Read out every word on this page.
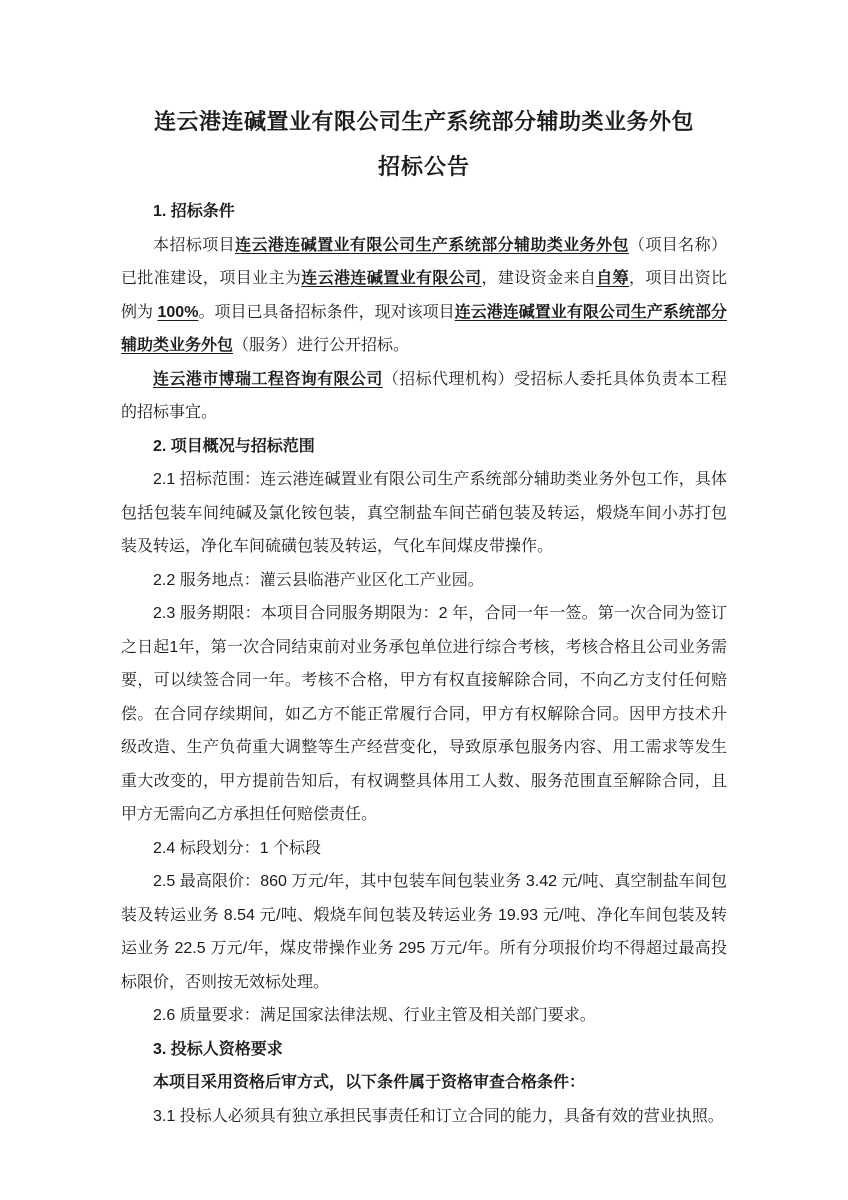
连云港连碱置业有限公司生产系统部分辅助类业务外包
招标公告

1. 招标条件

本招标项目连云港连碱置业有限公司生产系统部分辅助类业务外包（项目名称）已批准建设，项目业主为连云港连碱置业有限公司，建设资金来自自筹，项目出资比例为 100%。项目已具备招标条件，现对该项目连云港连碱置业有限公司生产系统部分辅助类业务外包（服务）进行公开招标。

连云港市博瑞工程咨询有限公司（招标代理机构）受招标人委托具体负责本工程的招标事宜。

2. 项目概况与招标范围

2.1 招标范围：连云港连碱置业有限公司生产系统部分辅助类业务外包工作，具体包括包装车间纯碱及氯化铵包装，真空制盐车间芒硝包装及转运，煅烧车间小苏打包装及转运，净化车间硫磺包装及转运，气化车间煤皮带操作。

2.2 服务地点：灌云县临港产业区化工产业园。

2.3 服务期限：本项目合同服务期限为：2 年，合同一年一签。第一次合同为签订之日起1年，第一次合同结束前对业务承包单位进行综合考核，考核合格且公司业务需要，可以续签合同一年。考核不合格，甲方有权直接解除合同，不向乙方支付任何赔偿。在合同存续期间，如乙方不能正常履行合同，甲方有权解除合同。因甲方技术升级改造、生产负荷重大调整等生产经营变化，导致原承包服务内容、用工需求等发生重大改变的，甲方提前告知后，有权调整具体用工人数、服务范围直至解除合同，且甲方无需向乙方承担任何赔偿责任。

2.4 标段划分：1 个标段

2.5 最高限价：860 万元/年，其中包装车间包装业务 3.42 元/吨、真空制盐车间包装及转运业务 8.54 元/吨、煅烧车间包装及转运业务 19.93 元/吨、净化车间包装及转运业务 22.5 万元/年，煤皮带操作业务 295 万元/年。所有分项报价均不得超过最高投标限价，否则按无效标处理。

2.6 质量要求：满足国家法律法规、行业主管及相关部门要求。

3. 投标人资格要求

本项目采用资格后审方式，以下条件属于资格审查合格条件：

3.1 投标人必须具有独立承担民事责任和订立合同的能力，具备有效的营业执照。
